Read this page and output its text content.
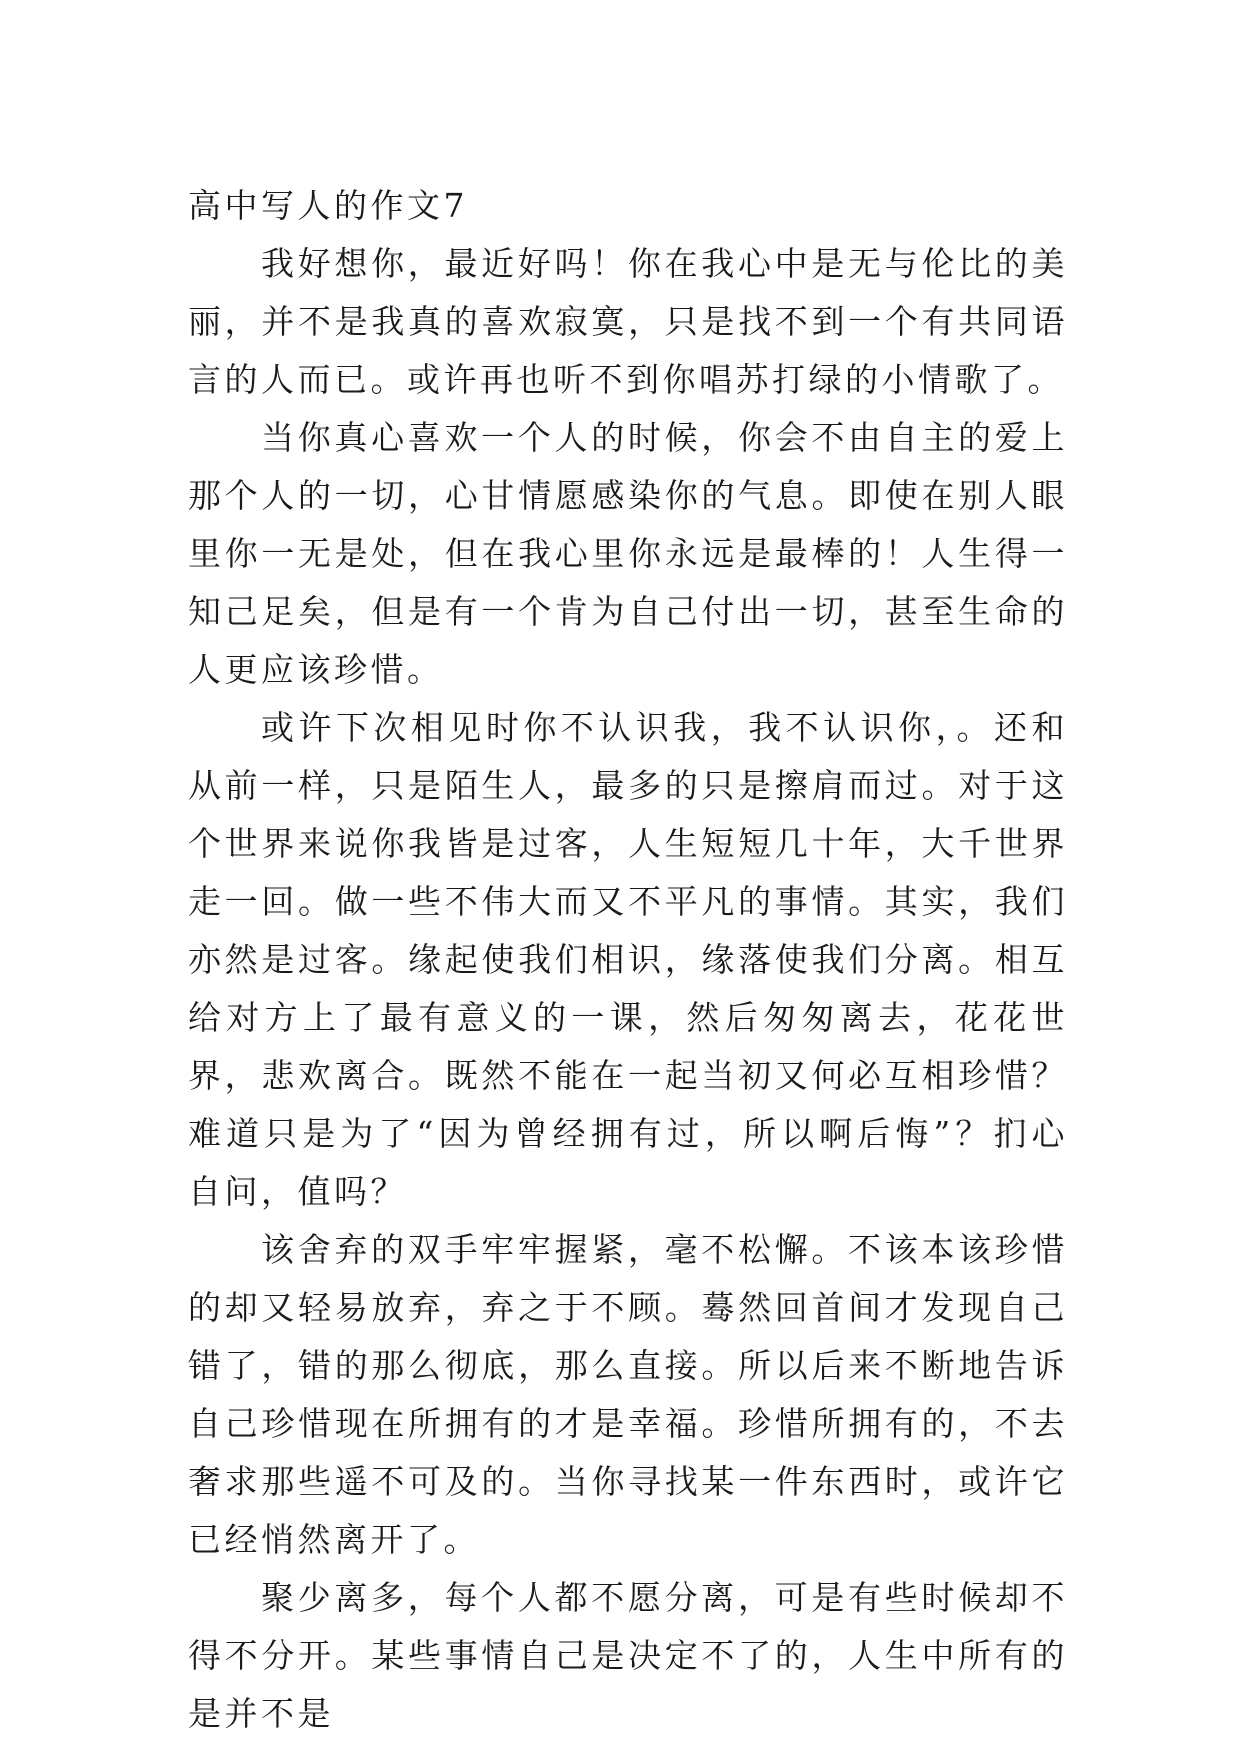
高中写人的作文7

我好想你，最近好吗！你在我心中是无与伦比的美丽，并不是我真的喜欢寂寞，只是找不到一个有共同语言的人而已。或许再也听不到你唱苏打绿的小情歌了。

当你真心喜欢一个人的时候，你会不由自主的爱上那个人的一切，心甘情愿感染你的气息。即使在别人眼里你一无是处，但在我心里你永远是最棒的！人生得一知己足矣，但是有一个肯为自己付出一切，甚至生命的人更应该珍惜。

或许下次相见时你不认识我，我不认识你，。还和从前一样，只是陌生人，最多的只是擦肩而过。对于这个世界来说你我皆是过客，人生短短几十年，大千世界走一回。做一些不伟大而又不平凡的事情。其实，我们亦然是过客。缘起使我们相识，缘落使我们分离。相互给对方上了最有意义的一课，然后匆匆离去，花花世界，悲欢离合。既然不能在一起当初又何必互相珍惜？难道只是为了“因为曾经拥有过，所以啊后悔”？扪心自问，值吗？

该舍弃的双手牢牢握紧，毫不松懈。不该本该珍惜的却又轻易放弃，弃之于不顾。蓦然回首间才发现自己错了，错的那么彻底，那么直接。所以后来不断地告诉自己珍惜现在所拥有的才是幸福。珍惜所拥有的，不去奢求那些遥不可及的。当你寻找某一件东西时，或许它已经悄然离开了。

聚少离多，每个人都不愿分离，可是有些时候却不得不分开。某些事情自己是决定不了的，人生中所有的是并不是
